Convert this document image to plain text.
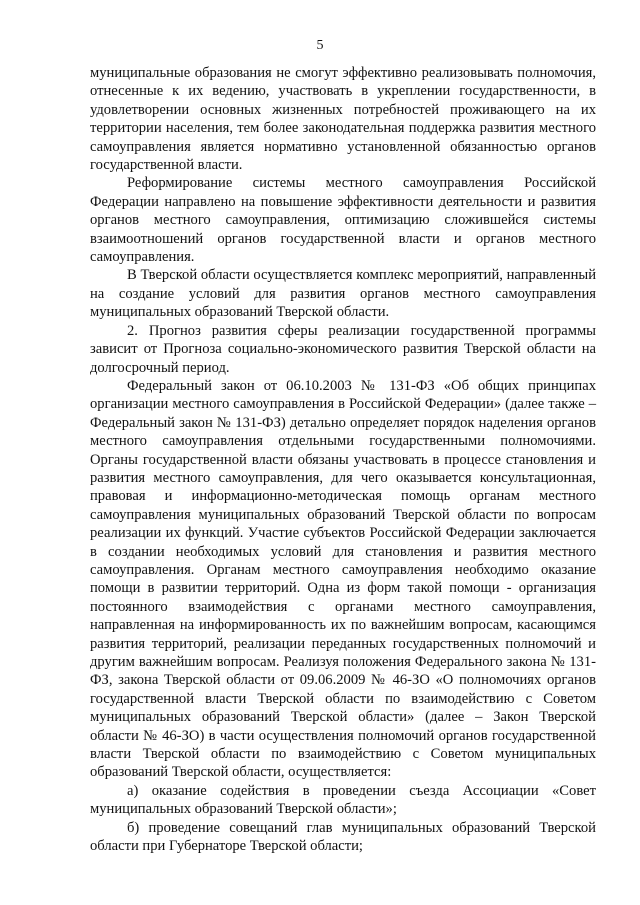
5

муниципальные образования не смогут эффективно реализовывать полномочия, отнесенные к их ведению, участвовать в укреплении государственности, в удовлетворении основных жизненных потребностей проживающего на их территории населения, тем более законодательная поддержка развития местного самоуправления является нормативно установленной обязанностью органов государственной власти.

Реформирование системы местного самоуправления Российской Федерации направлено на повышение эффективности деятельности и развития органов местного самоуправления, оптимизацию сложившейся системы взаимоотношений органов государственной власти и органов местного самоуправления.

В Тверской области осуществляется комплекс мероприятий, направленный на создание условий для развития органов местного самоуправления муниципальных образований Тверской области.

2. Прогноз развития сферы реализации государственной программы зависит от Прогноза социально-экономического развития Тверской области на долгосрочный период.

Федеральный закон от 06.10.2003 № 131-ФЗ «Об общих принципах организации местного самоуправления в Российской Федерации» (далее также – Федеральный закон № 131-ФЗ) детально определяет порядок наделения органов местного самоуправления отдельными государственными полномочиями. Органы государственной власти обязаны участвовать в процессе становления и развития местного самоуправления, для чего оказывается консультационная, правовая и информационно-методическая помощь органам местного самоуправления муниципальных образований Тверской области по вопросам реализации их функций. Участие субъектов Российской Федерации заключается в создании необходимых условий для становления и развития местного самоуправления. Органам местного самоуправления необходимо оказание помощи в развитии территорий. Одна из форм такой помощи - организация постоянного взаимодействия с органами местного самоуправления, направленная на информированность их по важнейшим вопросам, касающимся развития территорий, реализации переданных государственных полномочий и другим важнейшим вопросам. Реализуя положения Федерального закона № 131-ФЗ, закона Тверской области от 09.06.2009 № 46-ЗО «О полномочиях органов государственной власти Тверской области по взаимодействию с Советом муниципальных образований Тверской области» (далее – Закон Тверской области № 46-ЗО) в части осуществления полномочий органов государственной власти Тверской области по взаимодействию с Советом муниципальных образований Тверской области, осуществляется:

а) оказание содействия в проведении съезда Ассоциации «Совет муниципальных образований Тверской области»;

б) проведение совещаний глав муниципальных образований Тверской области при Губернаторе Тверской области;
